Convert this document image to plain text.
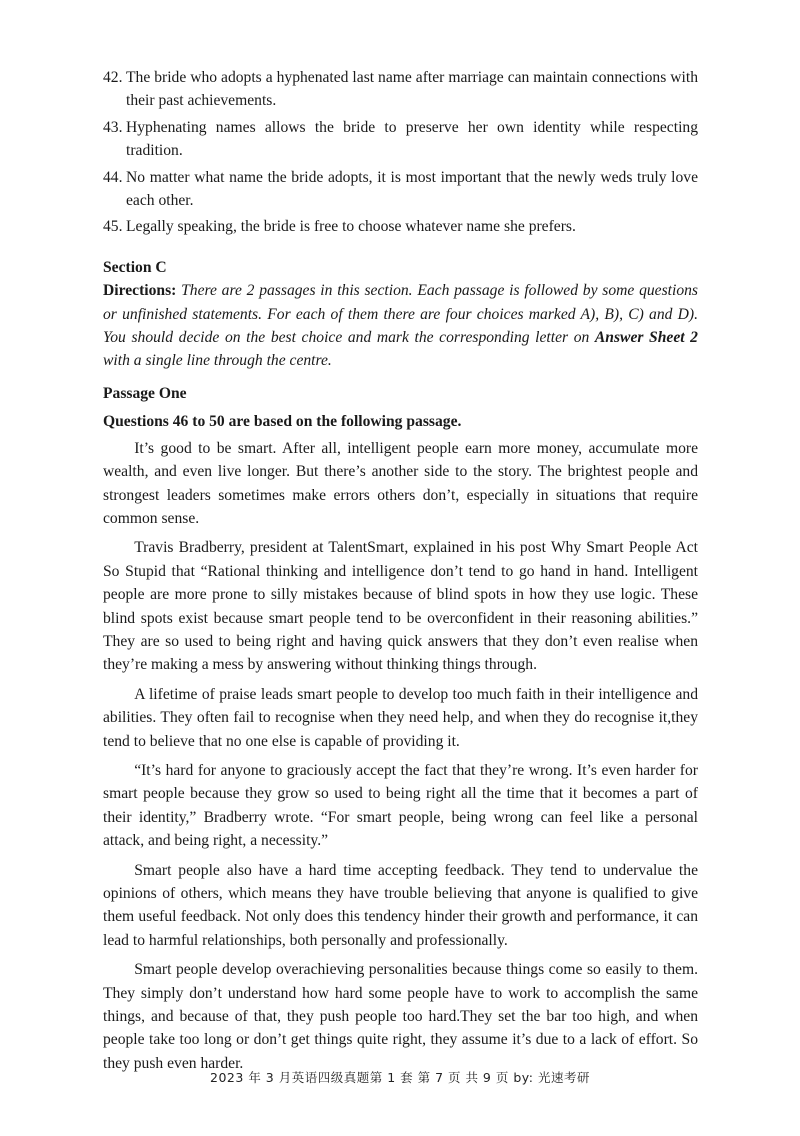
42. The bride who adopts a hyphenated last name after marriage can maintain connections with their past achievements.
43. Hyphenating names allows the bride to preserve her own identity while respecting tradition.
44. No matter what name the bride adopts, it is most important that the newly weds truly love each other.
45. Legally speaking, the bride is free to choose whatever name she prefers.
Section C

Directions: There are 2 passages in this section. Each passage is followed by some questions or unfinished statements. For each of them there are four choices marked A), B), C) and D). You should decide on the best choice and mark the corresponding letter on Answer Sheet 2 with a single line through the centre.

Passage One
Questions 46 to 50 are based on the following passage.

It’s good to be smart. After all, intelligent people earn more money, accumulate more wealth, and even live longer. But there’s another side to the story. The brightest people and strongest leaders sometimes make errors others don’t, especially in situations that require common sense.

Travis Bradberry, president at TalentSmart, explained in his post Why Smart People Act So Stupid that “Rational thinking and intelligence don’t tend to go hand in hand. Intelligent people are more prone to silly mistakes because of blind spots in how they use logic. These blind spots exist because smart people tend to be overconfident in their reasoning abilities.” They are so used to being right and having quick answers that they don’t even realise when they’re making a mess by answering without thinking things through.

A lifetime of praise leads smart people to develop too much faith in their intelligence and abilities. They often fail to recognise when they need help, and when they do recognise it,they tend to believe that no one else is capable of providing it.

“It’s hard for anyone to graciously accept the fact that they’re wrong. It’s even harder for smart people because they grow so used to being right all the time that it becomes a part of their identity,” Bradberry wrote. “For smart people, being wrong can feel like a personal attack, and being right, a necessity.”

Smart people also have a hard time accepting feedback. They tend to undervalue the opinions of others, which means they have trouble believing that anyone is qualified to give them useful feedback. Not only does this tendency hinder their growth and performance, it can lead to harmful relationships, both personally and professionally.

Smart people develop overachieving personalities because things come so easily to them. They simply don’t understand how hard some people have to work to accomplish the same things, and because of that, they push people too hard.They set the bar too high, and when people take too long or don’t get things quite right, they assume it’s due to a lack of effort. So they push even harder.

2023 年 3 月英语四级真题第 1 套 第 7 页 共 9 页 by: 光速考研
